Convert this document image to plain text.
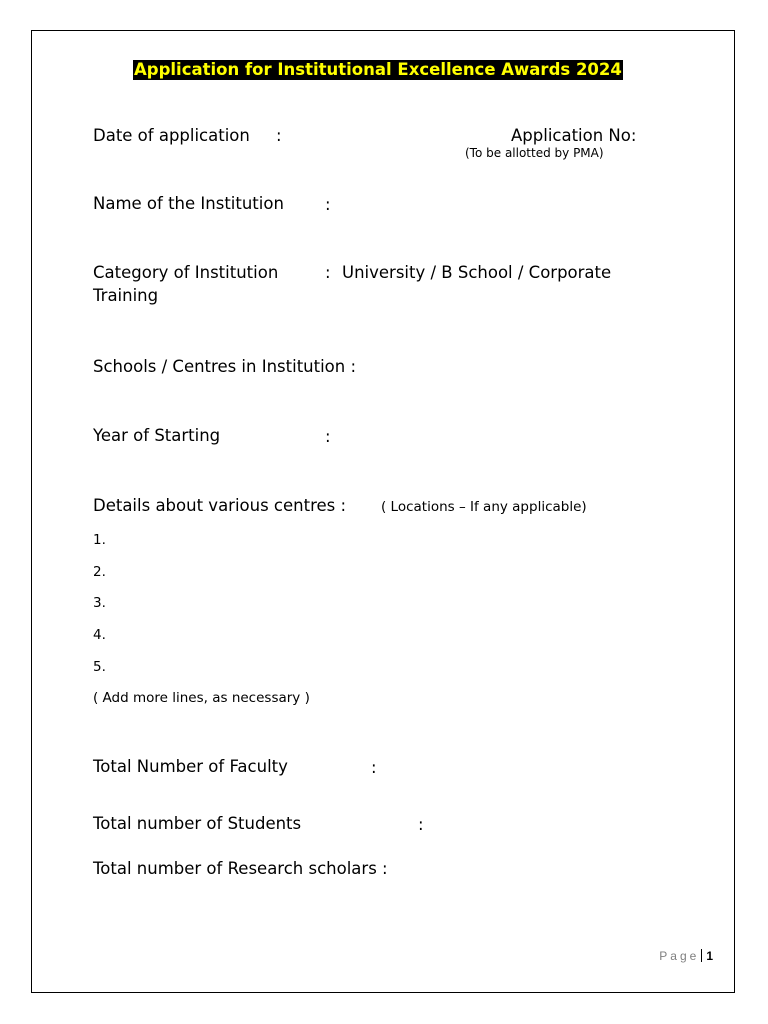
Application for Institutional Excellence Awards 2024
Date of application :	Application No:
(To be allotted by PMA)
Name of the Institution :
Category of Institution	: University / B School / Corporate
Training
Schools / Centres in Institution :
Year of Starting	:
Details about various centres :	( Locations – If any applicable)
1.
2.
3.
4.
5.
( Add more lines, as necessary )
Total Number of Faculty	:
Total number of Students	:
Total number of Research scholars :
Page 1
